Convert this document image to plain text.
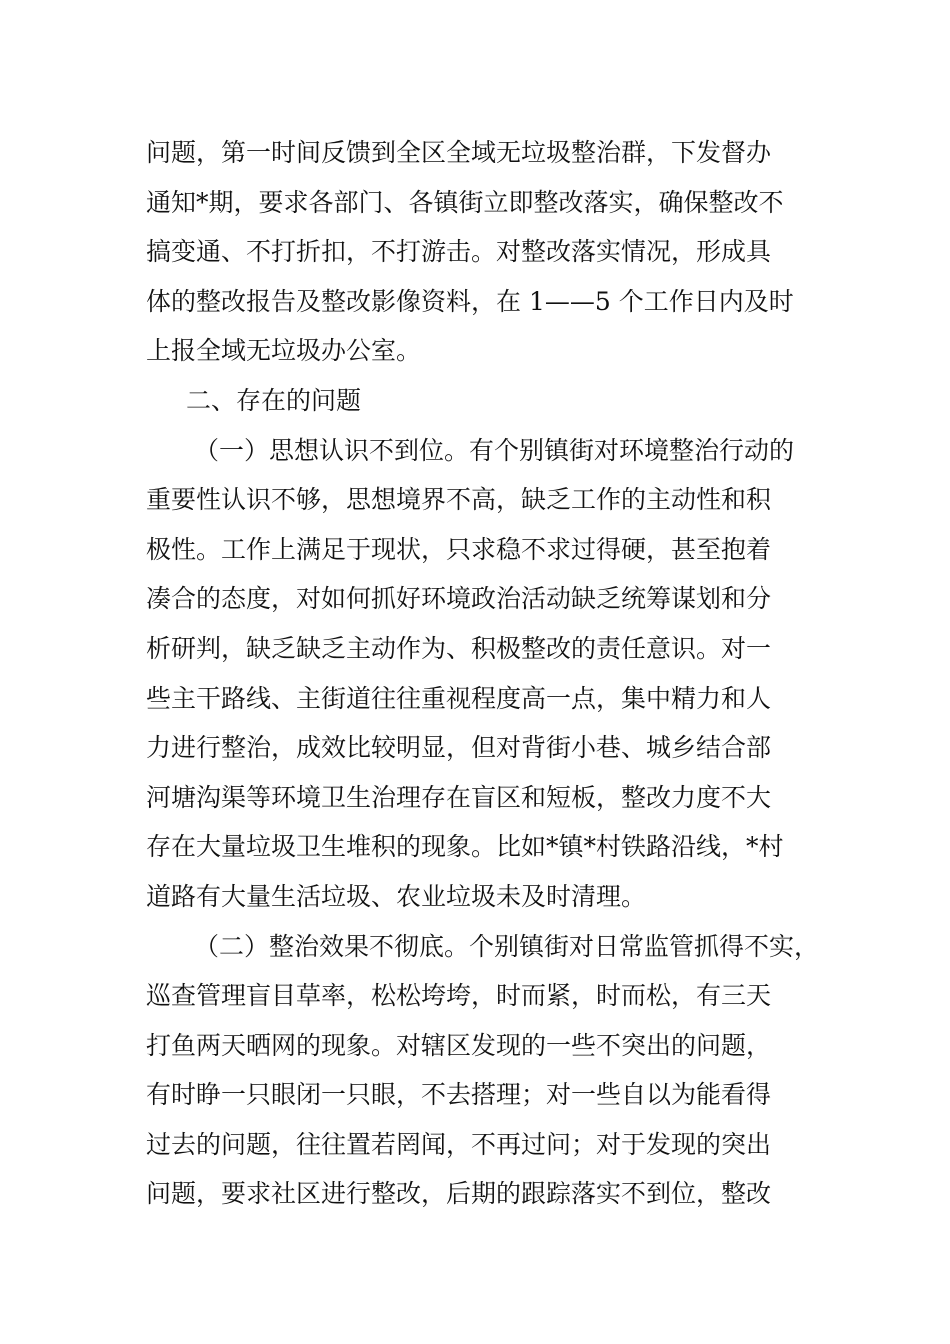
问题，第一时间反馈到全区全域无垃圾整治群，下发督办
通知*期，要求各部门、各镇街立即整改落实，确保整改不
搞变通、不打折扣，不打游击。对整改落实情况，形成具
体的整改报告及整改影像资料，在 1——5 个工作日内及时
上报全域无垃圾办公室。
二、存在的问题
（一）思想认识不到位。有个别镇街对环境整治行动的
重要性认识不够，思想境界不高，缺乏工作的主动性和积
极性。工作上满足于现状，只求稳不求过得硬，甚至抱着
凑合的态度，对如何抓好环境政治活动缺乏统筹谋划和分
析研判，缺乏缺乏主动作为、积极整改的责任意识。对一
些主干路线、主街道往往重视程度高一点，集中精力和人
力进行整治，成效比较明显，但对背街小巷、城乡结合部
河塘沟渠等环境卫生治理存在盲区和短板，整改力度不大
存在大量垃圾卫生堆积的现象。比如*镇*村铁路沿线，*村
道路有大量生活垃圾、农业垃圾未及时清理。
（二）整治效果不彻底。个别镇街对日常监管抓得不实，
巡查管理盲目草率，松松垮垮，时而紧，时而松，有三天
打鱼两天晒网的现象。对辖区发现的一些不突出的问题，
有时睁一只眼闭一只眼，不去搭理；对一些自以为能看得
过去的问题，往往置若罔闻，不再过问；对于发现的突出
问题，要求社区进行整改，后期的跟踪落实不到位，整改
